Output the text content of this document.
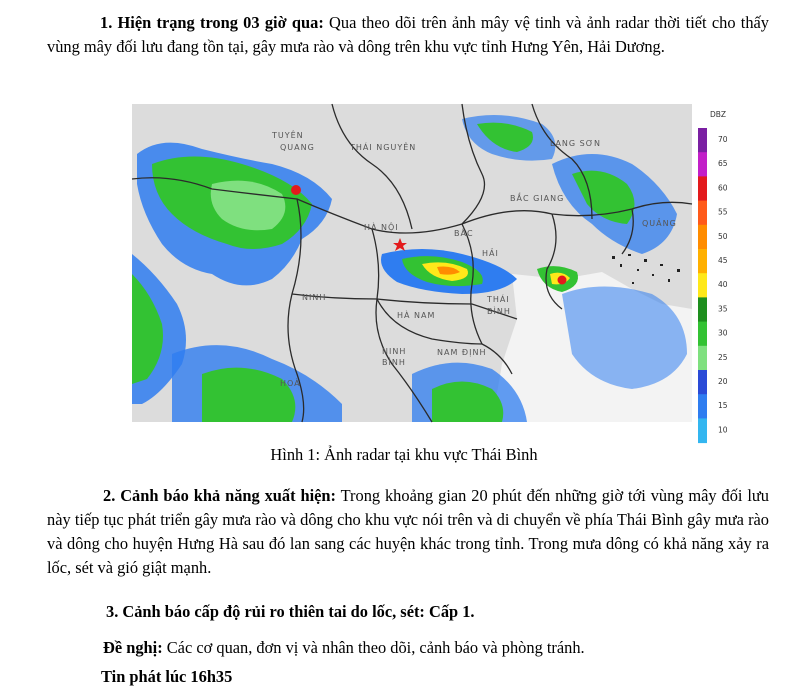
1. Hiện trạng trong 03 giờ qua: Qua theo dõi trên ảnh mây vệ tinh và ảnh radar thời tiết cho thấy vùng mây đối lưu đang tồn tại, gây mưa rào và dông trên khu vực tỉnh Hưng Yên, Hải Dương.

TUYÊN
QUANG	THÁI NGUYÊN	LẠNG SƠN
BẮC GIANG
QUẢNG
HÀ NỘI
BẮC
HẢI
THÁI
BÌNH
NINH
HÀ NAM
NINH
BÌNH
NAM ĐỊNH
HOÀ
DBZ
70
65
60
55
50
45
40
35
30
25
20
15
10

Hình 1: Ảnh radar tại khu vực Thái Bình

2. Cảnh báo khả năng xuất hiện: Trong khoảng gian 20 phút đến những giờ tới vùng mây đối lưu này tiếp tục phát triển gây mưa rào và dông cho khu vực nói trên và di chuyển về phía Thái Bình gây mưa rào và dông cho huyện Hưng Hà sau đó lan sang các huyện khác trong tỉnh. Trong mưa dông có khả năng xảy ra lốc, sét và gió giật mạnh.

3. Cảnh báo cấp độ rủi ro thiên tai do lốc, sét: Cấp 1.

Đề nghị: Các cơ quan, đơn vị và nhân theo dõi, cảnh báo và phòng tránh.

Tin phát lúc 16h35
